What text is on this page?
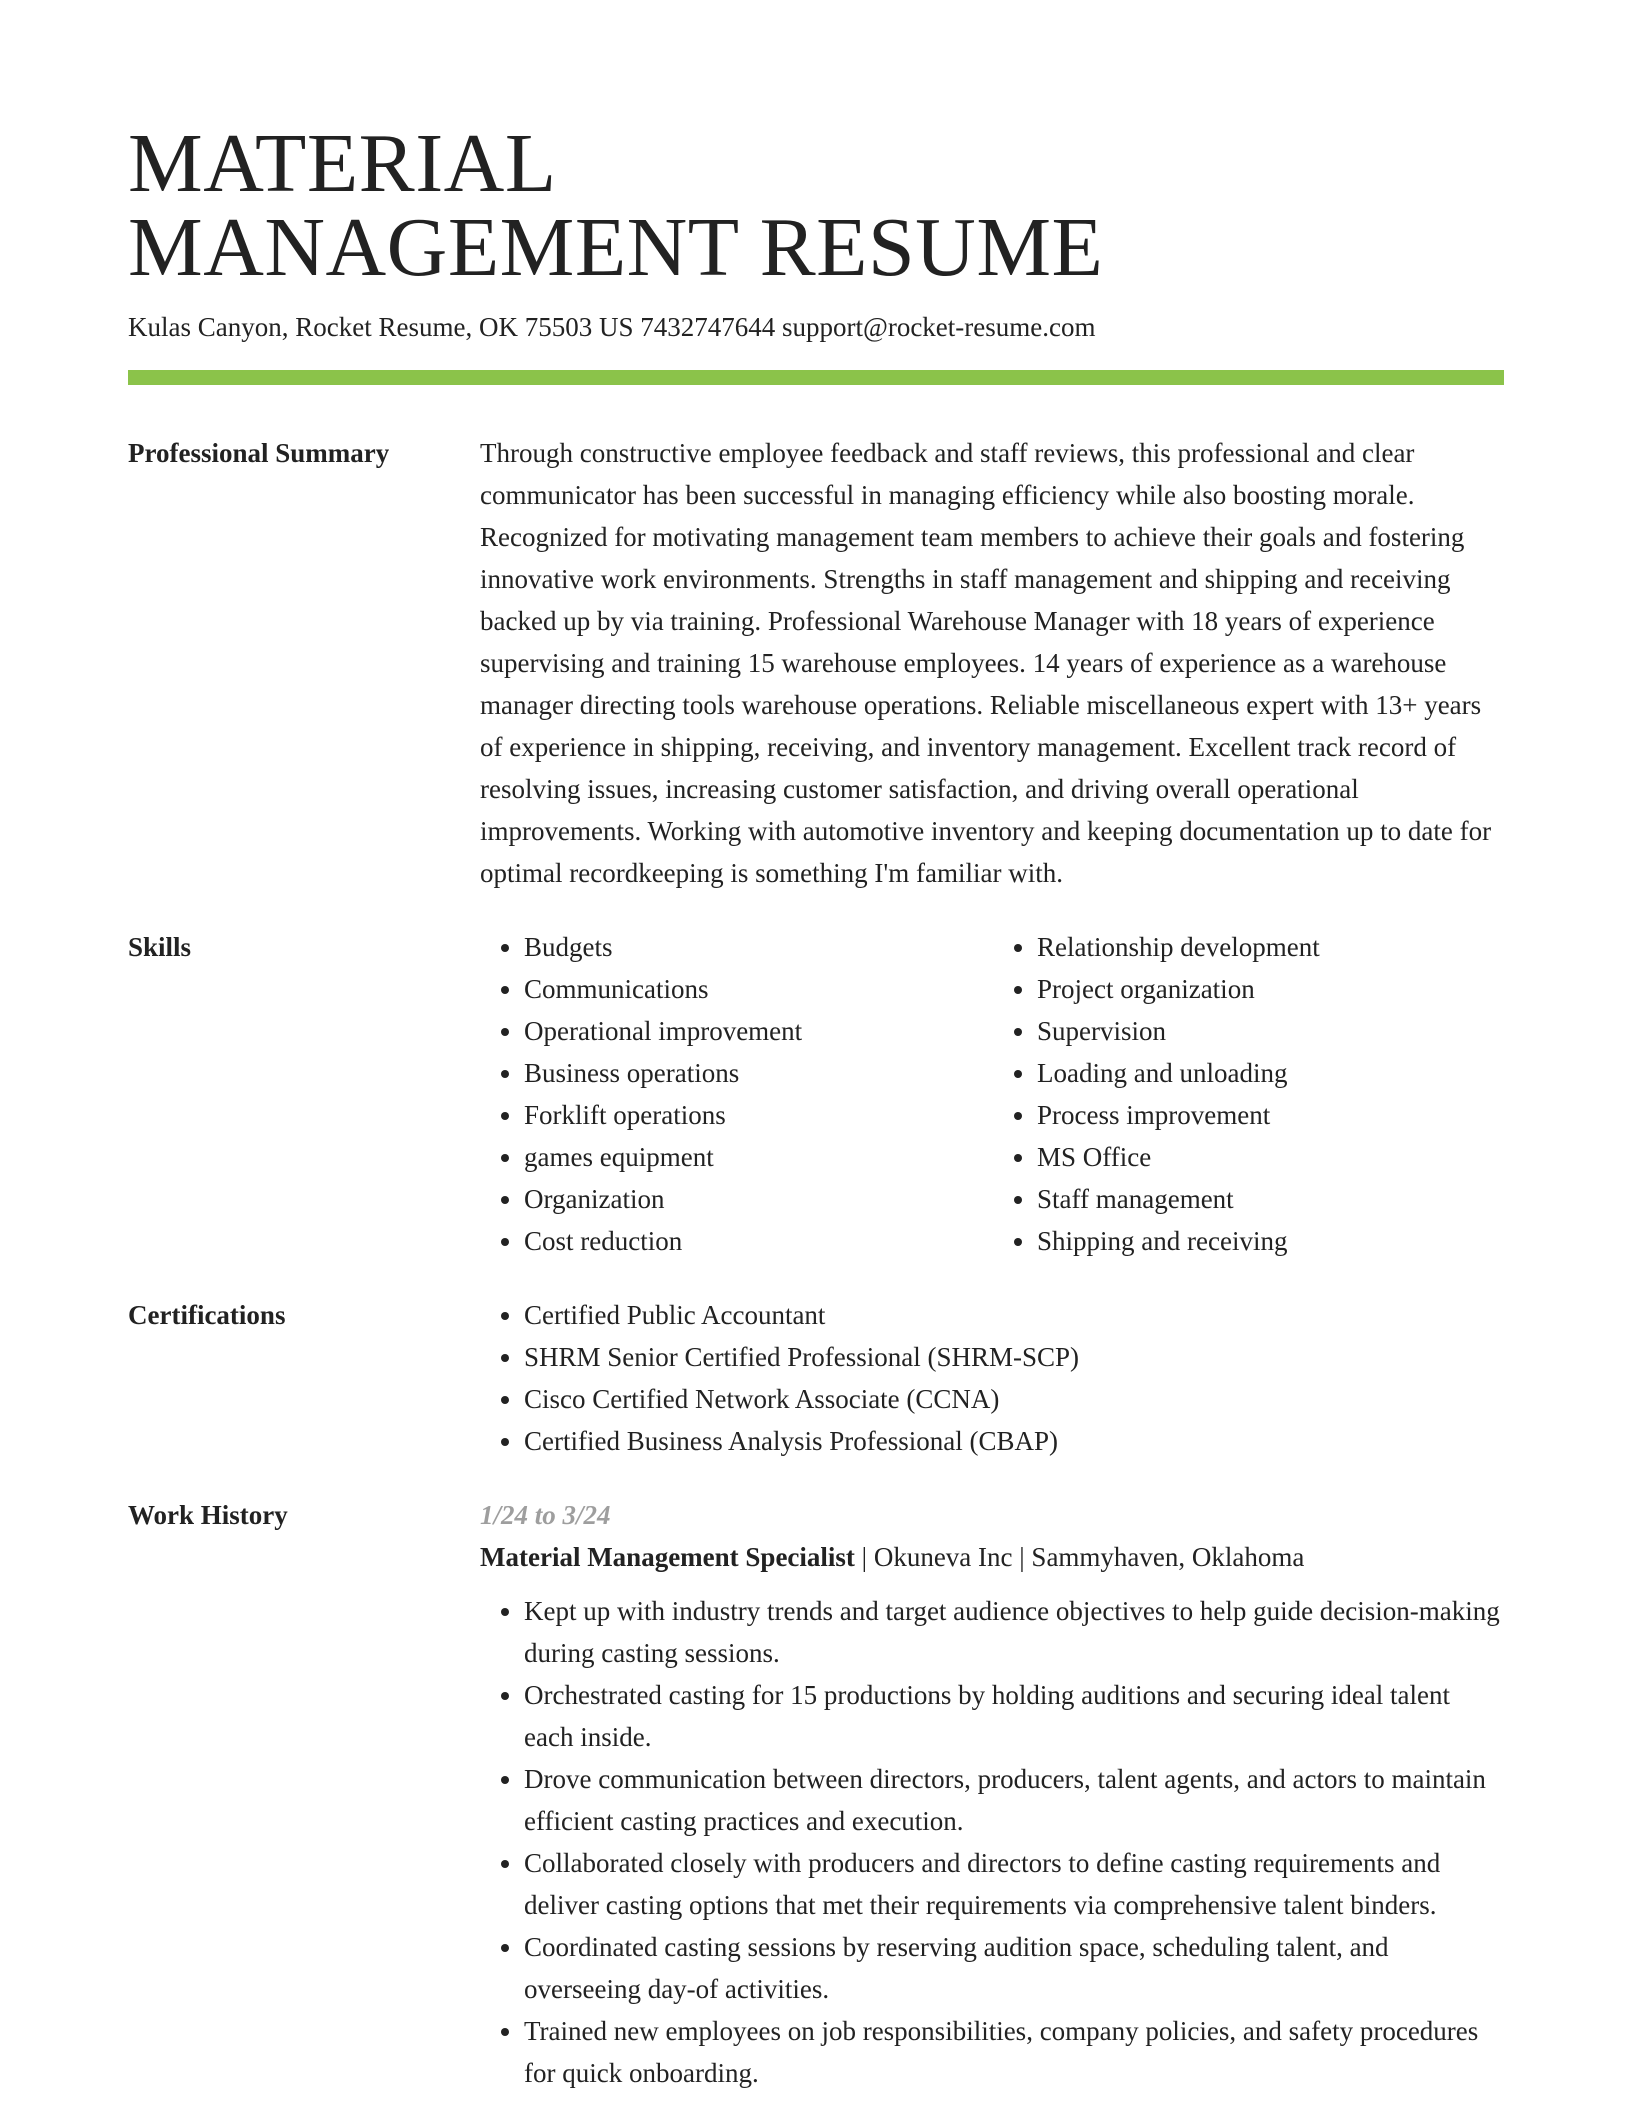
MATERIAL
MANAGEMENT RESUME
Kulas Canyon, Rocket Resume, OK 75503 US 7432747644 support@rocket-resume.com
Professional Summary	Through constructive employee feedback and staff reviews, this professional and clear communicator has been successful in managing efficiency while also boosting morale. Recognized for motivating management team members to achieve their goals and fostering innovative work environments. Strengths in staff management and shipping and receiving backed up by via training. Professional Warehouse Manager with 18 years of experience supervising and training 15 warehouse employees. 14 years of experience as a warehouse manager directing tools warehouse operations. Reliable miscellaneous expert with 13+ years of experience in shipping, receiving, and inventory management. Excellent track record of resolving issues, increasing customer satisfaction, and driving overall operational improvements. Working with automotive inventory and keeping documentation up to date for optimal recordkeeping is something I'm familiar with.

Skills	• Budgets
• Communications
• Operational improvement
• Business operations
• Forklift operations
• games equipment
• Organization
• Cost reduction
• Relationship development
• Project organization
• Supervision
• Loading and unloading
• Process improvement
• MS Office
• Staff management
• Shipping and receiving
Certifications	• Certified Public Accountant
• SHRM Senior Certified Professional (SHRM-SCP)
• Cisco Certified Network Associate (CCNA)
• Certified Business Analysis Professional (CBAP)
Work History	1/24 to 3/24
Material Management Specialist | Okuneva Inc | Sammyhaven, Oklahoma
• Kept up with industry trends and target audience objectives to help guide decision-making during casting sessions.
• Orchestrated casting for 15 productions by holding auditions and securing ideal talent each inside.
• Drove communication between directors, producers, talent agents, and actors to maintain efficient casting practices and execution.
• Collaborated closely with producers and directors to define casting requirements and deliver casting options that met their requirements via comprehensive talent binders.
• Coordinated casting sessions by reserving audition space, scheduling talent, and overseeing day-of activities.
• Trained new employees on job responsibilities, company policies, and safety procedures for quick onboarding.
